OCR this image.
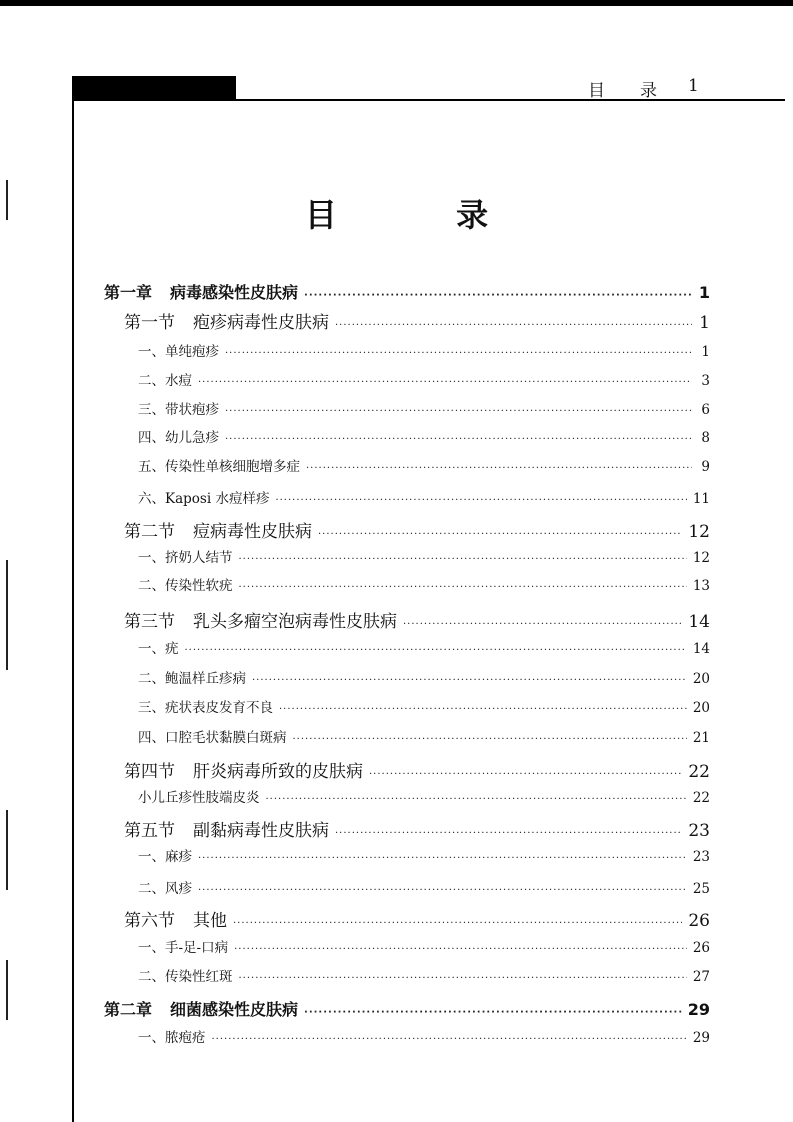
目	录	1
目 录
第一章 病毒感染性皮肤病 ·····	1
第一节 疱疹病毒性皮肤病 ·····	1
一、单纯疱疹 ·····	1
二、水痘 ·····	3
三、带状疱疹 ·····	6
四、幼儿急疹 ·····	8
五、传染性单核细胞增多症 ·····	9
六、Kaposi 水痘样疹 ·····	11
第二节 痘病毒性皮肤病 ·····	12
一、挤奶人结节 ·····	12
二、传染性软疣 ·····	13
第三节 乳头多瘤空泡病毒性皮肤病 ·····	14
一、疣 ·····	14
二、鲍温样丘疹病 ·····	20
三、疣状表皮发育不良 ·····	20
四、口腔毛状黏膜白斑病 ·····	21
第四节 肝炎病毒所致的皮肤病 ·····	22
小儿丘疹性肢端皮炎 ·····	22
第五节 副黏病毒性皮肤病 ·····	23
一、麻疹 ·····	23
二、风疹 ·····	25
第六节 其他 ·····	26
一、手-足-口病 ·····	26
二、传染性红斑 ·····	27
第二章 细菌感染性皮肤病 ·····	29
一、脓疱疮 ·····	29
